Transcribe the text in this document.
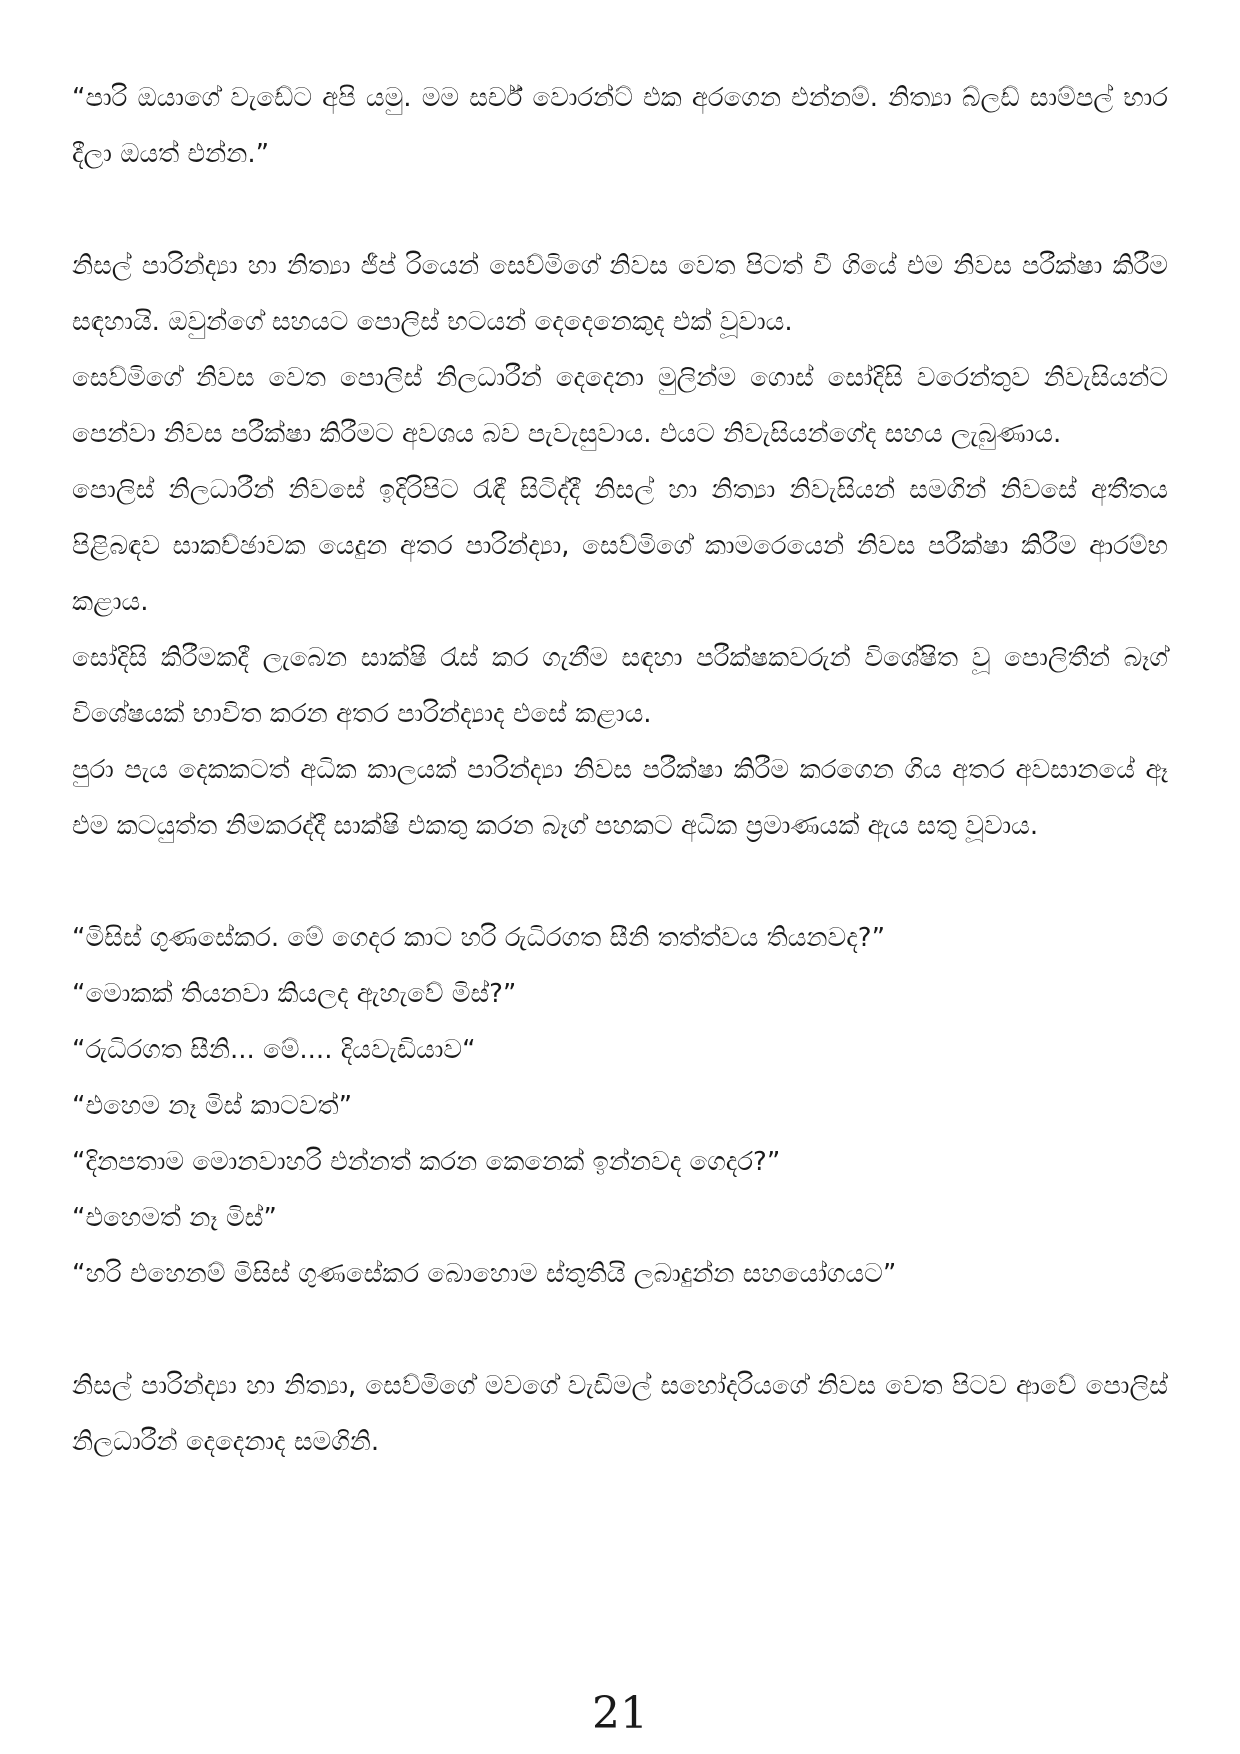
“පාරි ඔයාගේ වැඩේට අපි යමු. මම සර්ච් වොරන්ට් එක අරගෙන එන්නම්. නිත්‍යා බ්ලඩ් සාම්පල් භාර දීලා ඔයත් එන්න.”

නිසල් පාරින්ද්‍යා හා නිත්‍යා ජීප් රියෙන් සෙව්මිගේ නිවස වෙත පිටත් වී ගියේ එම නිවස පරීක්ෂා කිරීම සඳහායි. ඔවුන්ගේ සහයට පොලිස් භටයන් දෙදෙනෙකුද එක් වූවාය.

සෙව්මිගේ නිවස වෙත පොලිස් නිලධාරීන් දෙදෙනා මුලින්ම ගොස් සෝදිසි වරෙන්තුව නිවැසියන්ට පෙන්වා නිවස පරීක්ෂා කිරීමට අවශය බව පැවැසුවාය. එයට නිවැසියන්ගේද සහය ලැබුණාය.

පොලිස් නිලධාරීන් නිවසේ ඉදිරිපිට රැඳී සිටිද්දී නිසල් හා නිත්‍යා නිවැසියන් සමගින් නිවසේ අතීතය පිළිබඳව සාකච්ඡාවක යෙදුන අතර පාරින්ද්‍යා, සෙව්මිගේ කාමරෙයෙන් නිවස පරීක්ෂා කිරීම ආරම්භ කළාය.

සෝදිසි කිරීමකදී ලැබෙන සාක්ෂි රැස් කර ගැනීම සඳහා පරීක්ෂකවරුන් විශේෂිත වූ පොලිතීන් බෑග් විශේෂයක් භාවිත කරන අතර පාරින්ද්‍යාද එසේ කළාය.

පුරා පැය දෙකකටත් අධික කාලයක් පාරින්ද්‍යා නිවස පරීක්ෂා කිරීම කරගෙන ගිය අතර අවසානයේ ඈ එම කටයුත්ත නිමකරද්දී සාක්ෂි එකතු කරන බෑග් පහකට අධික ප්‍රමාණයක් ඇය සතු වූවාය.

“මිසිස් ගුණසේකර. මේ ගෙදර කාට හරි රුධිරගත සීනි තත්ත්වය තියනවද?”

“මොකක් තියනවා කියලද ඇහැවේ මිස්?”

“රුධිරගත සීනි... මේ.... දියවැඩියාව“

“එහෙම නෑ මිස් කාටවත්”

“දිනපතාම මොනවාහරි එන්නත් කරන කෙනෙක් ඉන්නවද ගෙදර?”

“එහෙමත් නෑ මිස්”

“හරි එහෙනම් මිසිස් ගුණසේකර බොහොම ස්තුතියි ලබාදුන්න සහයෝගයට”

නිසල් පාරින්ද්‍යා හා නිත්‍යා, සෙව්මිගේ මවගේ වැඩිමල් සහෝදරියගේ නිවස වෙත පිටව ආවේ පොලිස් නිලධාරීන් දෙදෙනාද සමගිනි.

21
